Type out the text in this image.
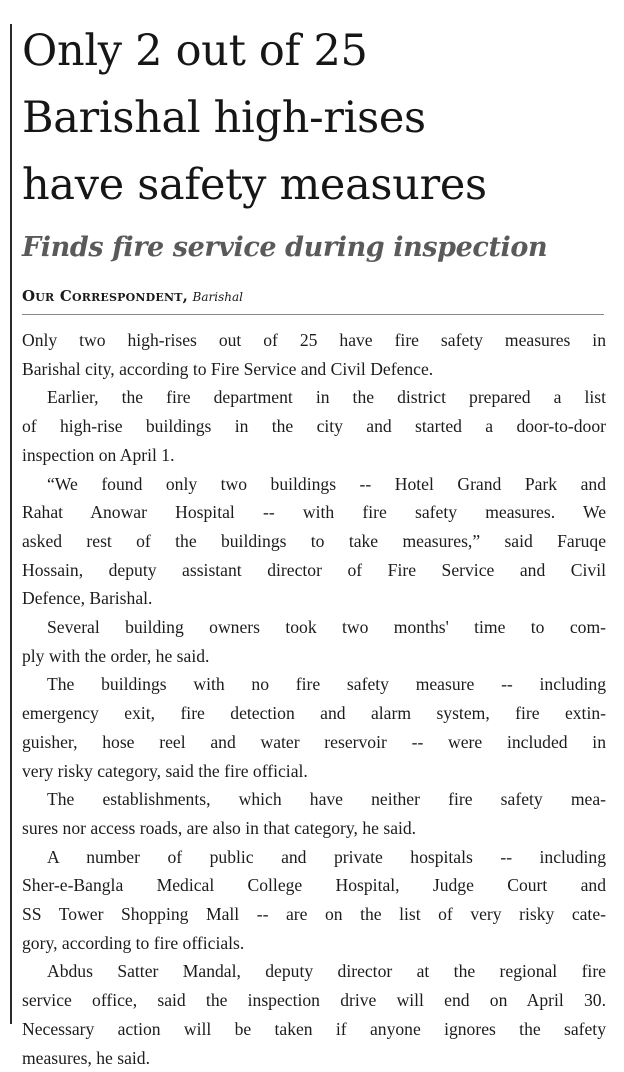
Only 2 out of 25
Barishal high-rises
have safety measures
Finds fire service during inspection
Our Correspondent, Barishal
Only two high-rises out of 25 have fire safety measures in
Barishal city, according to Fire Service and Civil Defence.
Earlier, the fire department in the district prepared a list
of high-rise buildings in the city and started a door-to-door
inspection on April 1.
“We found only two buildings -- Hotel Grand Park and
Rahat Anowar Hospital -- with fire safety measures. We
asked rest of the buildings to take measures,” said Faruqe
Hossain, deputy assistant director of Fire Service and Civil
Defence, Barishal.
Several building owners took two months' time to com-
ply with the order, he said.
The buildings with no fire safety measure -- including
emergency exit, fire detection and alarm system, fire extin-
guisher, hose reel and water reservoir -- were included in
very risky category, said the fire official.
The establishments, which have neither fire safety mea-
sures nor access roads, are also in that category, he said.
A number of public and private hospitals -- including
Sher-e-Bangla Medical College Hospital, Judge Court and
SS Tower Shopping Mall -- are on the list of very risky cate-
gory, according to fire officials.
Abdus Satter Mandal, deputy director at the regional fire
service office, said the inspection drive will end on April 30.
Necessary action will be taken if anyone ignores the safety
measures, he said.
